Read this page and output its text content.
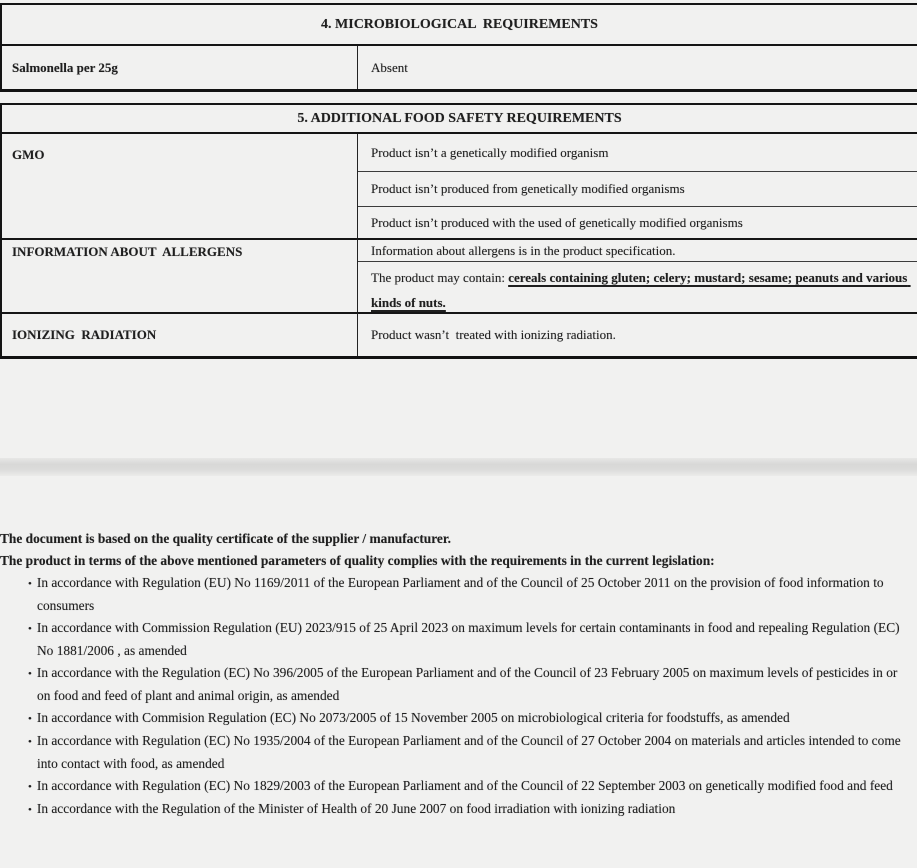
4. MICROBIOLOGICAL  REQUIREMENTS
Salmonella per 25g	Absent
5. ADDITIONAL FOOD SAFETY REQUIREMENTS
GMO	Product isn’t a genetically modified organism
Product isn’t produced from genetically modified organisms
Product isn’t produced with the used of genetically modified organisms
INFORMATION ABOUT  ALLERGENS	Information about allergens is in the product specification.
The product may contain: cereals containing gluten; celery; mustard; sesame; peanuts and various kinds of nuts.
IONIZING  RADIATION	Product wasn’t  treated with ionizing radiation.
The document is based on the quality certificate of the supplier / manufacturer.
The product in terms of the above mentioned parameters of quality complies with the requirements in the current legislation:
• In accordance with Regulation (EU) No 1169/2011 of the European Parliament and of the Council of 25 October 2011 on the provision of food information to consumers
• In accordance with Commission Regulation (EU) 2023/915 of 25 April 2023 on maximum levels for certain contaminants in food and repealing Regulation (EC) No 1881/2006 , as amended
• In accordance with the Regulation (EC) No 396/2005 of the European Parliament and of the Council of 23 February 2005 on maximum levels of pesticides in or on food and feed of plant and animal origin, as amended
• In accordance with Commision Regulation (EC) No 2073/2005 of 15 November 2005 on microbiological criteria for foodstuffs, as amended
• In accordance with Regulation (EC) No 1935/2004 of the European Parliament and of the Council of 27 October 2004 on materials and articles intended to come into contact with food, as amended
• In accordance with Regulation (EC) No 1829/2003 of the European Parliament and of the Council of 22 September 2003 on genetically modified food and feed
• In accordance with the Regulation of the Minister of Health of 20 June 2007 on food irradiation with ionizing radiation
